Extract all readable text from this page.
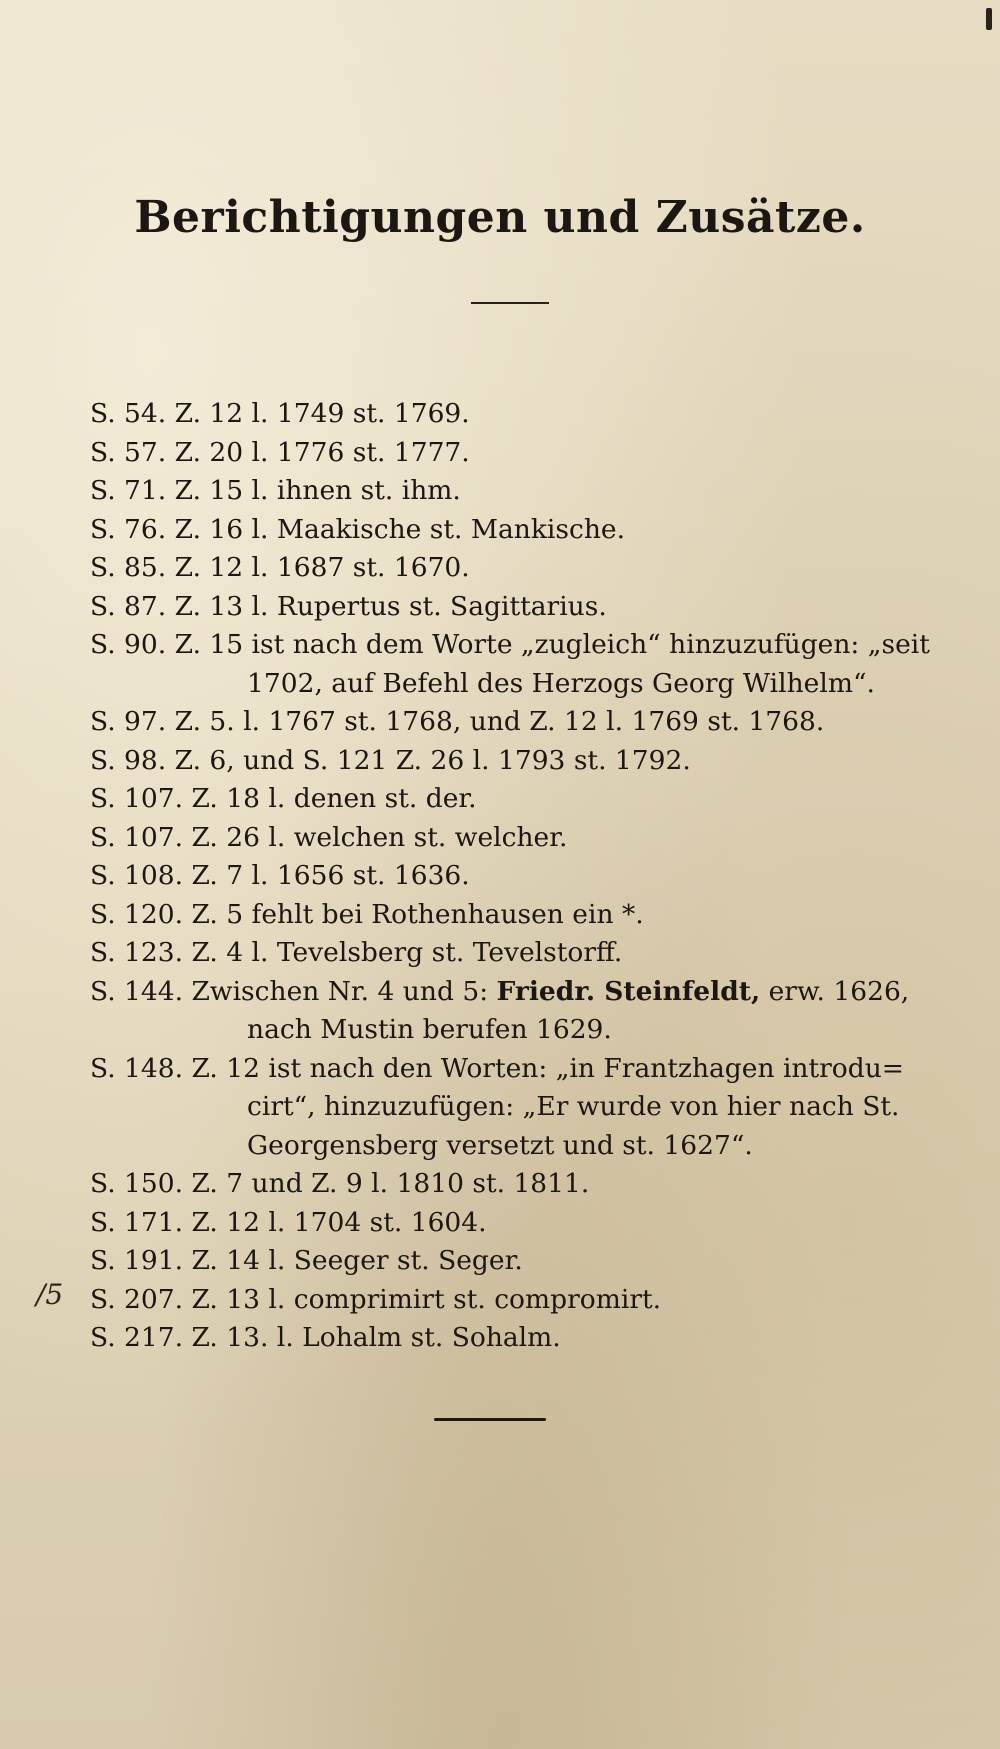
Berichtigungen und Zusätze.
/5
S. 54. Z. 12 l. 1749 st. 1769.
S. 57. Z. 20 l. 1776 st. 1777.
S. 71. Z. 15 l. ihnen st. ihm.
S. 76. Z. 16 l. Maakische st. Mankische.
S. 85. Z. 12 l. 1687 st. 1670.
S. 87. Z. 13 l. Rupertus st. Sagittarius.
S. 90. Z. 15 ist nach dem Worte „zugleich“ hinzuzufügen: „seit
1702, auf Befehl des Herzogs Georg Wilhelm“.
S. 97. Z. 5. l. 1767 st. 1768, und Z. 12 l. 1769 st. 1768.
S. 98. Z. 6, und S. 121 Z. 26 l. 1793 st. 1792.
S. 107. Z. 18 l. denen st. der.
S. 107. Z. 26 l. welchen st. welcher.
S. 108. Z. 7 l. 1656 st. 1636.
S. 120. Z. 5 fehlt bei Rothenhausen ein *.
S. 123. Z. 4 l. Tevelsberg st. Tevelstorff.
S. 144. Zwischen Nr. 4 und 5: Friedr. Steinfeldt, erw. 1626,
nach Mustin berufen 1629.
S. 148. Z. 12 ist nach den Worten: „in Frantzhagen introdu=
cirt“, hinzuzufügen: „Er wurde von hier nach St.
Georgensberg versetzt und st. 1627“.
S. 150. Z. 7 und Z. 9 l. 1810 st. 1811.
S. 171. Z. 12 l. 1704 st. 1604.
S. 191. Z. 14 l. Seeger st. Seger.
S. 207. Z. 13 l. comprimirt st. compromirt.
S. 217. Z. 13. l. Lohalm st. Sohalm.
